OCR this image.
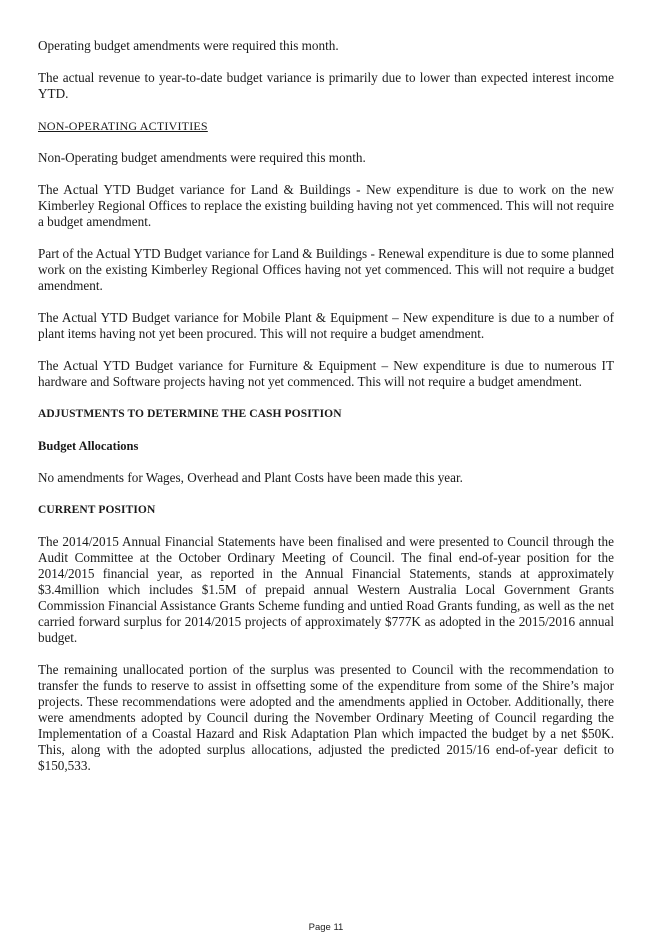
Operating budget amendments were required this month.

The actual revenue to year-to-date budget variance is primarily due to lower than expected interest income YTD.

NON-OPERATING ACTIVITIES

Non-Operating budget amendments were required this month.

The Actual YTD Budget variance for Land & Buildings - New expenditure is due to work on the new Kimberley Regional Offices to replace the existing building having not yet commenced. This will not require a budget amendment.

Part of the Actual YTD Budget variance for Land & Buildings - Renewal expenditure is due to some planned work on the existing Kimberley Regional Offices having not yet commenced. This will not require a budget amendment.

The Actual YTD Budget variance for Mobile Plant & Equipment – New expenditure is due to a number of plant items having not yet been procured. This will not require a budget amendment.

The Actual YTD Budget variance for Furniture & Equipment – New expenditure is due to numerous IT hardware and Software projects having not yet commenced. This will not require a budget amendment.

ADJUSTMENTS TO DETERMINE THE CASH POSITION
Budget Allocations

No amendments for Wages, Overhead and Plant Costs have been made this year.

CURRENT POSITION

The 2014/2015 Annual Financial Statements have been finalised and were presented to Council through the Audit Committee at the October Ordinary Meeting of Council. The final end-of-year position for the 2014/2015 financial year, as reported in the Annual Financial Statements, stands at approximately $3.4million which includes $1.5M of prepaid annual Western Australia Local Government Grants Commission Financial Assistance Grants Scheme funding and untied Road Grants funding, as well as the net carried forward surplus for 2014/2015 projects of approximately $777K as adopted in the 2015/2016 annual budget.

The remaining unallocated portion of the surplus was presented to Council with the recommendation to transfer the funds to reserve to assist in offsetting some of the expenditure from some of the Shire’s major projects. These recommendations were adopted and the amendments applied in October. Additionally, there were amendments adopted by Council during the November Ordinary Meeting of Council regarding the Implementation of a Coastal Hazard and Risk Adaptation Plan which impacted the budget by a net $50K. This, along with the adopted surplus allocations, adjusted the predicted 2015/16 end-of-year deficit to $150,533.

Page 11
